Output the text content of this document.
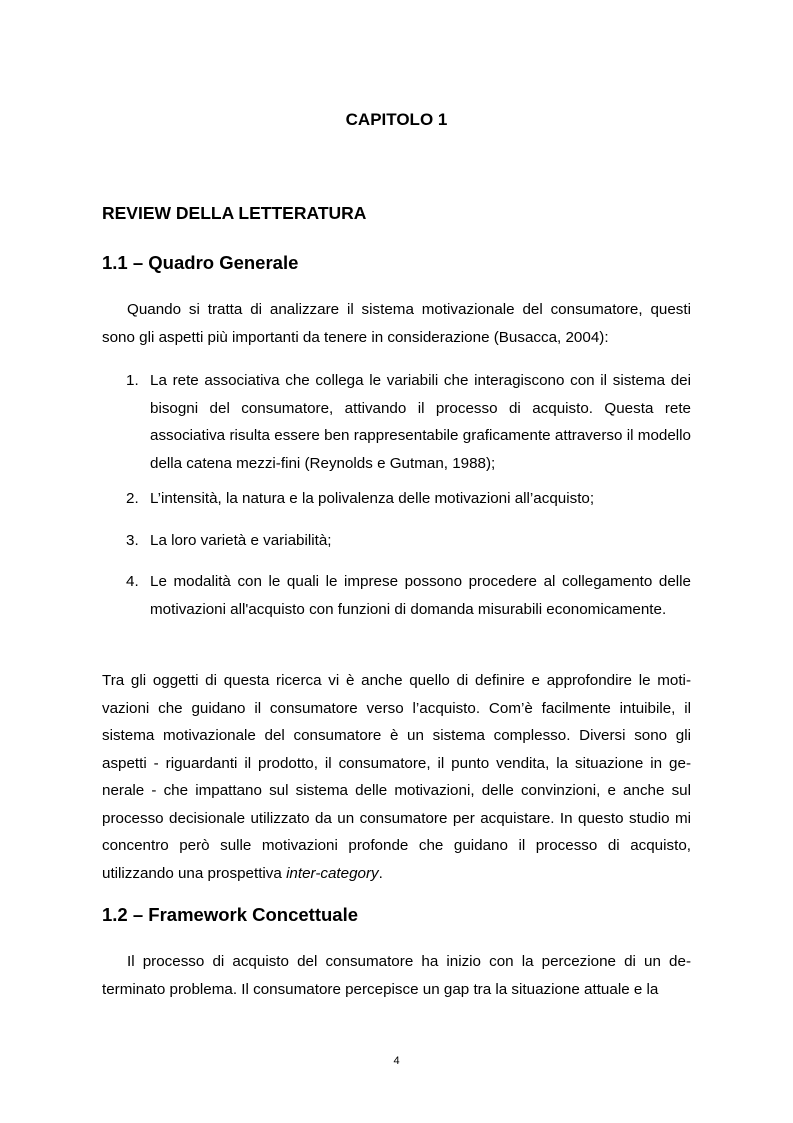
CAPITOLO 1
REVIEW DELLA LETTERATURA
1.1 – Quadro Generale

Quando si tratta di analizzare il sistema motivazionale del consumatore, questi sono gli aspetti più importanti da tenere in considerazione (Busacca, 2004):

1. La rete associativa che collega le variabili che interagiscono con il sistema dei bisogni del consumatore, attivando il processo di acquisto. Questa rete associativa risulta essere ben rappresentabile graficamente attraverso il modello della catena mezzi-fini (Reynolds e Gutman, 1988);
2. L’intensità, la natura e la polivalenza delle motivazioni all’acquisto;
3. La loro varietà e variabilità;
4. Le modalità con le quali le imprese possono procedere al collegamento delle motivazioni all'acquisto con funzioni di domanda misurabili economicamente.

Tra gli oggetti di questa ricerca vi è anche quello di definire e approfondire le motivazioni che guidano il consumatore verso l’acquisto. Com’è facilmente intuibile, il sistema motivazionale del consumatore è un sistema complesso. Diversi sono gli aspetti - riguardanti il prodotto, il consumatore, il punto vendita, la situazione in generale - che impattano sul sistema delle motivazioni, delle convinzioni, e anche sul processo decisionale utilizzato da un consumatore per acquistare. In questo studio mi concentro però sulle motivazioni profonde che guidano il processo di acquisto, utilizzando una prospettiva inter-category.

1.2 – Framework Concettuale

Il processo di acquisto del consumatore ha inizio con la percezione di un determinato problema. Il consumatore percepisce un gap tra la situazione attuale e la

4
